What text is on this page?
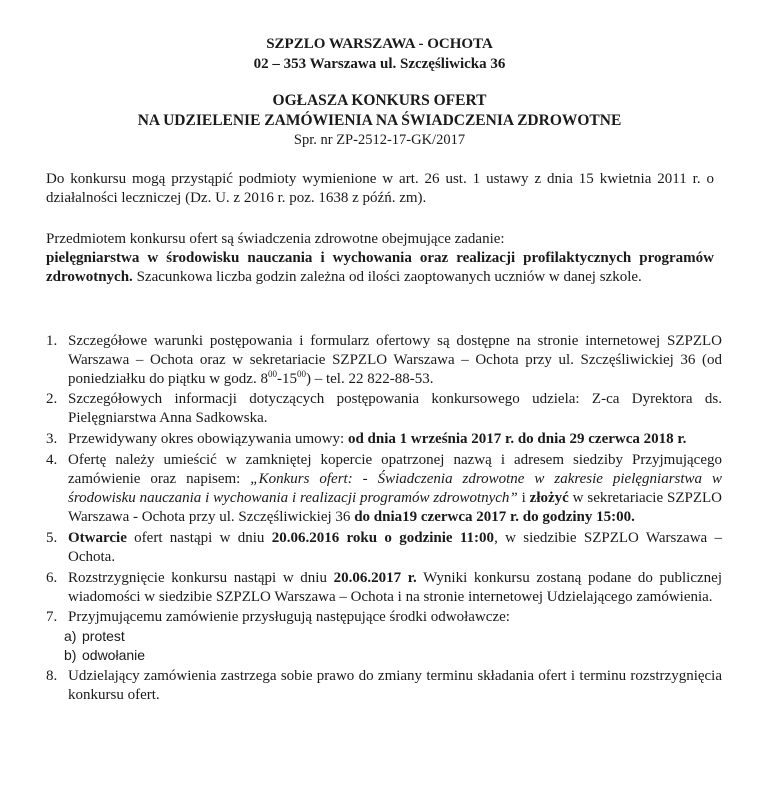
SZPZLO WARSZAWA - OCHOTA
02 – 353 Warszawa ul. Szczęśliwicka 36
OGŁASZA KONKURS OFERT
NA UDZIELENIE ZAMÓWIENIA NA ŚWIADCZENIA ZDROWOTNE
Spr. nr ZP-2512-17-GK/2017
Do konkursu mogą przystąpić podmioty wymienione w art. 26 ust. 1 ustawy z dnia 15 kwietnia 2011 r. o działalności leczniczej (Dz. U. z 2016 r. poz. 1638 z późń. zm).
Przedmiotem konkursu ofert są świadczenia zdrowotne obejmujące zadanie:
pielęgniarstwa w środowisku nauczania i wychowania oraz realizacji profilaktycznych programów zdrowotnych. Szacunkowa liczba godzin zależna od ilości zaoptowanych uczniów w danej szkole.
1. Szczegółowe warunki postępowania i formularz ofertowy są dostępne na stronie internetowej SZPZLO Warszawa – Ochota oraz w sekretariacie SZPZLO Warszawa – Ochota przy ul. Szczęśliwickiej 36 (od poniedziałku do piątku w godz. $8^{00}-15^{00}$) – tel. 22 822-88-53.
2. Szczegółowych informacji dotyczących postępowania konkursowego udziela: Z-ca Dyrektora ds. Pielęgniarstwa Anna Sadkowska.
3. Przewidywany okres obowiązywania umowy: od dnia 1 września 2017 r. do dnia 29 czerwca 2018 r.
4. Ofertę należy umieścić w zamkniętej kopercie opatrzonej nazwą i adresem siedziby Przyjmującego zamówienie oraz napisem: „Konkurs ofert: - Świadczenia zdrowotne w zakresie pielęgniarstwa w środowisku nauczania i wychowania i realizacji programów zdrowotnych” i złożyć w sekretariacie SZPZLO Warszawa - Ochota przy ul. Szczęśliwickiej 36 do dnia19 czerwca 2017 r. do godziny 15:00.
5. Otwarcie ofert nastąpi w dniu 20.06.2016 roku o godzinie 11:00, w siedzibie SZPZLO Warszawa – Ochota.
6. Rozstrzygnięcie konkursu nastąpi w dniu 20.06.2017 r. Wyniki konkursu zostaną podane do publicznej wiadomości w siedzibie SZPZLO Warszawa – Ochota i na stronie internetowej Udzielającego zamówienia.
7. Przyjmującemu zamówienie przysługują następujące środki odwoławcze:
a) protest
b) odwołanie
8. Udzielający zamówienia zastrzega sobie prawo do zmiany terminu składania ofert i terminu rozstrzygnięcia konkursu ofert.
